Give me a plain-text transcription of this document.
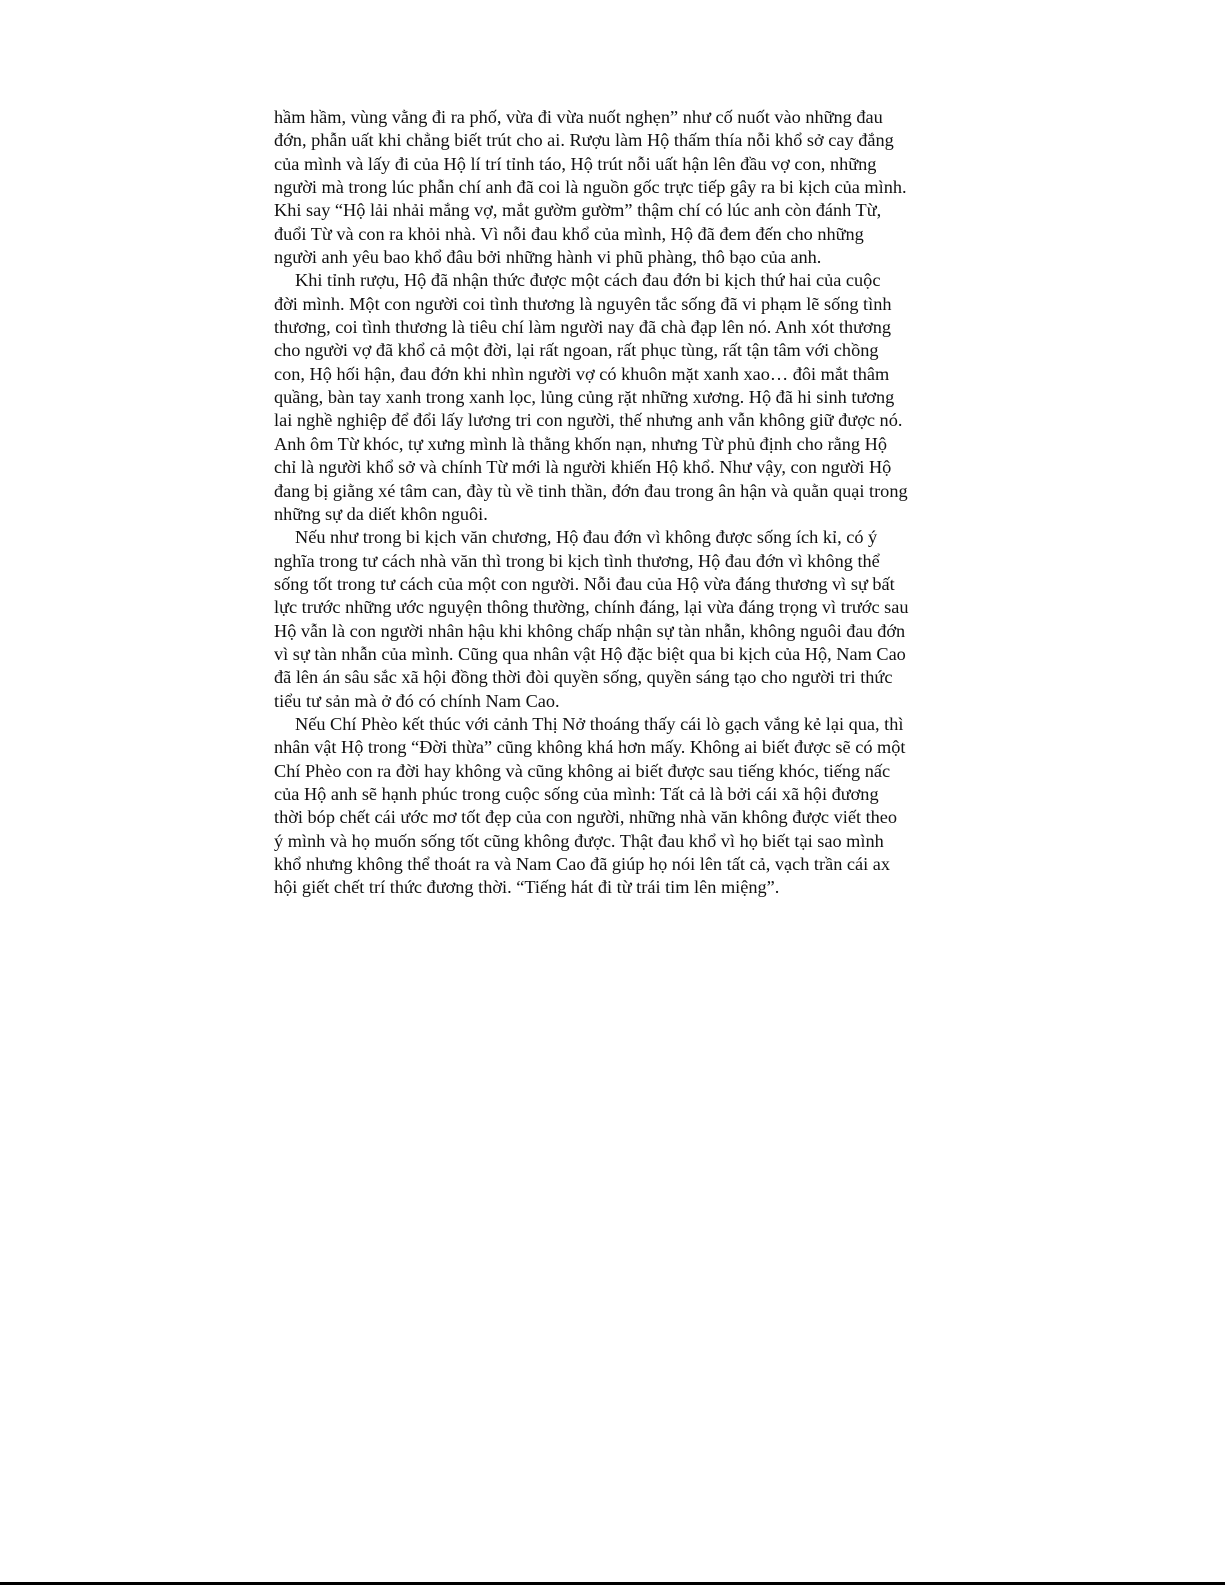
hầm hầm, vùng vằng đi ra phố, vừa đi vừa nuốt nghẹn” như cố nuốt vào những đau
đớn, phẫn uất khi chẳng biết trút cho ai. Rượu làm Hộ thấm thía nỗi khổ sở cay đắng
của mình và lấy đi của Hộ lí trí tỉnh táo, Hộ trút nỗi uất hận lên đầu vợ con, những
người mà trong lúc phẫn chí anh đã coi là nguồn gốc trực tiếp gây ra bi kịch của mình.
Khi say “Hộ lải nhải mắng vợ, mắt gườm gườm” thậm chí có lúc anh còn đánh Từ,
đuổi Từ và con ra khỏi nhà. Vì nỗi đau khổ của mình, Hộ đã đem đến cho những
người anh yêu bao khổ đâu bởi những hành vi phũ phàng, thô bạo của anh.
Khi tỉnh rượu, Hộ đã nhận thức được một cách đau đớn bi kịch thứ hai của cuộc
đời mình. Một con người coi tình thương là nguyên tắc sống đã vi phạm lẽ sống tình
thương, coi tình thương là tiêu chí làm người nay đã chà đạp lên nó. Anh xót thương
cho người vợ đã khổ cả một đời, lại rất ngoan, rất phục tùng, rất tận tâm với chồng
con, Hộ hối hận, đau đớn khi nhìn người vợ có khuôn mặt xanh xao… đôi mắt thâm
quầng, bàn tay xanh trong xanh lọc, lủng củng rặt những xương. Hộ đã hi sinh tương
lai nghề nghiệp để đổi lấy lương tri con người, thế nhưng anh vẫn không giữ được nó.
Anh ôm Từ khóc, tự xưng mình là thằng khốn nạn, nhưng Từ phủ định cho rằng Hộ
chỉ là người khổ sở và chính Từ mới là người khiến Hộ khổ. Như vậy, con người Hộ
đang bị giằng xé tâm can, đày tù về tinh thần, đớn đau trong ân hận và quằn quại trong
những sự da diết khôn nguôi.
Nếu như trong bi kịch văn chương, Hộ đau đớn vì không được sống ích kỉ, có ý
nghĩa trong tư cách nhà văn thì trong bi kịch tình thương, Hộ đau đớn vì không thể
sống tốt trong tư cách của một con người. Nỗi đau của Hộ vừa đáng thương vì sự bất
lực trước những ước nguyện thông thường, chính đáng, lại vừa đáng trọng vì trước sau
Hộ vẫn là con người nhân hậu khi không chấp nhận sự tàn nhẫn, không nguôi đau đớn
vì sự tàn nhẫn của mình. Cũng qua nhân vật Hộ đặc biệt qua bi kịch của Hộ, Nam Cao
đã lên án sâu sắc xã hội đồng thời đòi quyền sống, quyền sáng tạo cho người tri thức
tiểu tư sản mà ở đó có chính Nam Cao.
Nếu Chí Phèo kết thúc với cảnh Thị Nở thoáng thấy cái lò gạch vắng kẻ lại qua, thì
nhân vật Hộ trong “Đời thừa” cũng không khá hơn mấy. Không ai biết được sẽ có một
Chí Phèo con ra đời hay không và cũng không ai biết được sau tiếng khóc, tiếng nấc
của Hộ anh sẽ hạnh phúc trong cuộc sống của mình: Tất cả là bởi cái xã hội đương
thời bóp chết cái ước mơ tốt đẹp của con người, những nhà văn không được viết theo
ý mình và họ muốn sống tốt cũng không được. Thật đau khổ vì họ biết tại sao mình
khổ nhưng không thể thoát ra và Nam Cao đã giúp họ nói lên tất cả, vạch trần cái ax
hội giết chết trí thức đương thời. “Tiếng hát đi từ trái tim lên miệng”.
